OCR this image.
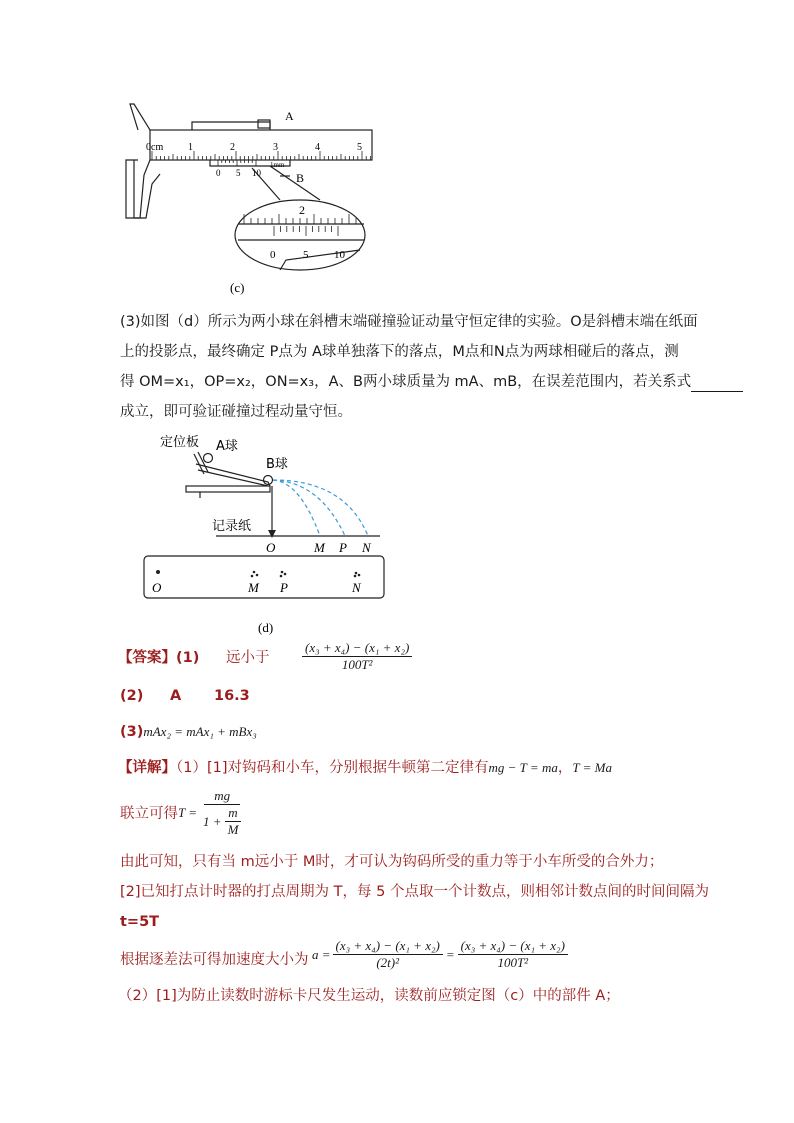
A
B
0cm 1	2	3	4	5
0 5 10
1mm
2
0	5 10
(c)
(3)如图（d）所示为两小球在斜槽末端碰撞验证动量守恒定律的实验。O是斜槽末端在纸面
上的投影点，最终确定 P点为 A球单独落下的落点，M点和N点为两球相碰后的落点，测
得 OM=x₁，OP=x₂，ON=x₃，A、B两小球质量为 mA、mB，在误差范围内，若关系式
成立，即可验证碰撞过程动量守恒。
定位板 A球
B球
记录纸
O	M P N
O	M P	N
(d)
【答案】(1) 远小于	$\frac{\text{(x₃ + x₄) − (x₁ + x₂)}}{\text{100T²}}$
(2) A 16.3
(3)mAx₂ = mAx₁ + mBx₃
【详解】（1）[1]对钩码和小车，分别根据牛顿第二定律有mg − T = ma，T = Ma
联立可得 $T = \frac{mg}{1 + \frac{m}{M}}$
由此可知，只有当 m远小于 M时，才可认为钩码所受的重力等于小车所受的合外力；
[2]已知打点计时器的打点周期为 T，每 5 个点取一个计数点，则相邻计数点间的时间间隔为
t=5T
根据逐差法可得加速度大小为 $a = \frac{\text{(x₃ + x₄) − (x₁ + x₂)}}{\text{(2t)²}} = \frac{\text{(x₃ + x₄) − (x₁ + x₂)}}{\text{100T²}}$
（2）[1]为防止读数时游标卡尺发生运动，读数前应锁定图（c）中的部件 A；
